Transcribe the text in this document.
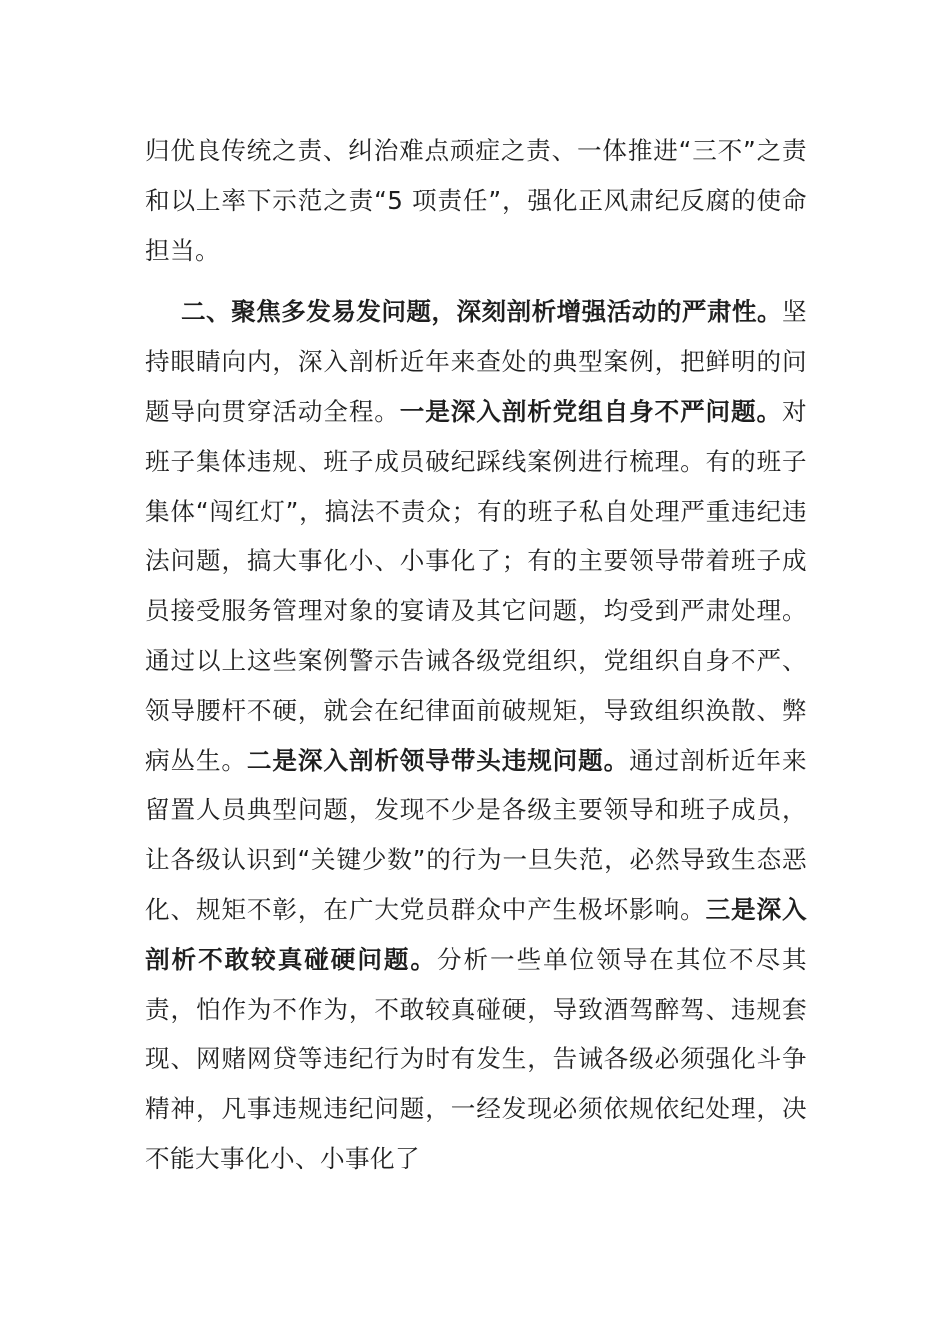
归优良传统之责、纠治难点顽症之责、一体推进“三不”之责和以上率下示范之责“5 项责任”，强化正风肃纪反腐的使命担当。

二、聚焦多发易发问题，深刻剖析增强活动的严肃性。坚持眼睛向内，深入剖析近年来查处的典型案例，把鲜明的问题导向贯穿活动全程。一是深入剖析党组自身不严问题。对班子集体违规、班子成员破纪踩线案例进行梳理。有的班子集体“闯红灯”，搞法不责众；有的班子私自处理严重违纪违法问题，搞大事化小、小事化了；有的主要领导带着班子成员接受服务管理对象的宴请及其它问题，均受到严肃处理。通过以上这些案例警示告诫各级党组织，党组织自身不严、领导腰杆不硬，就会在纪律面前破规矩，导致组织涣散、弊病丛生。二是深入剖析领导带头违规问题。通过剖析近年来留置人员典型问题，发现不少是各级主要领导和班子成员，让各级认识到“关键少数”的行为一旦失范，必然导致生态恶化、规矩不彰，在广大党员群众中产生极坏影响。三是深入剖析不敢较真碰硬问题。分析一些单位领导在其位不尽其责，怕作为不作为，不敢较真碰硬，导致酒驾醉驾、违规套现、网赌网贷等违纪行为时有发生，告诫各级必须强化斗争精神，凡事违规违纪问题，一经发现必须依规依纪处理，决不能大事化小、小事化了
